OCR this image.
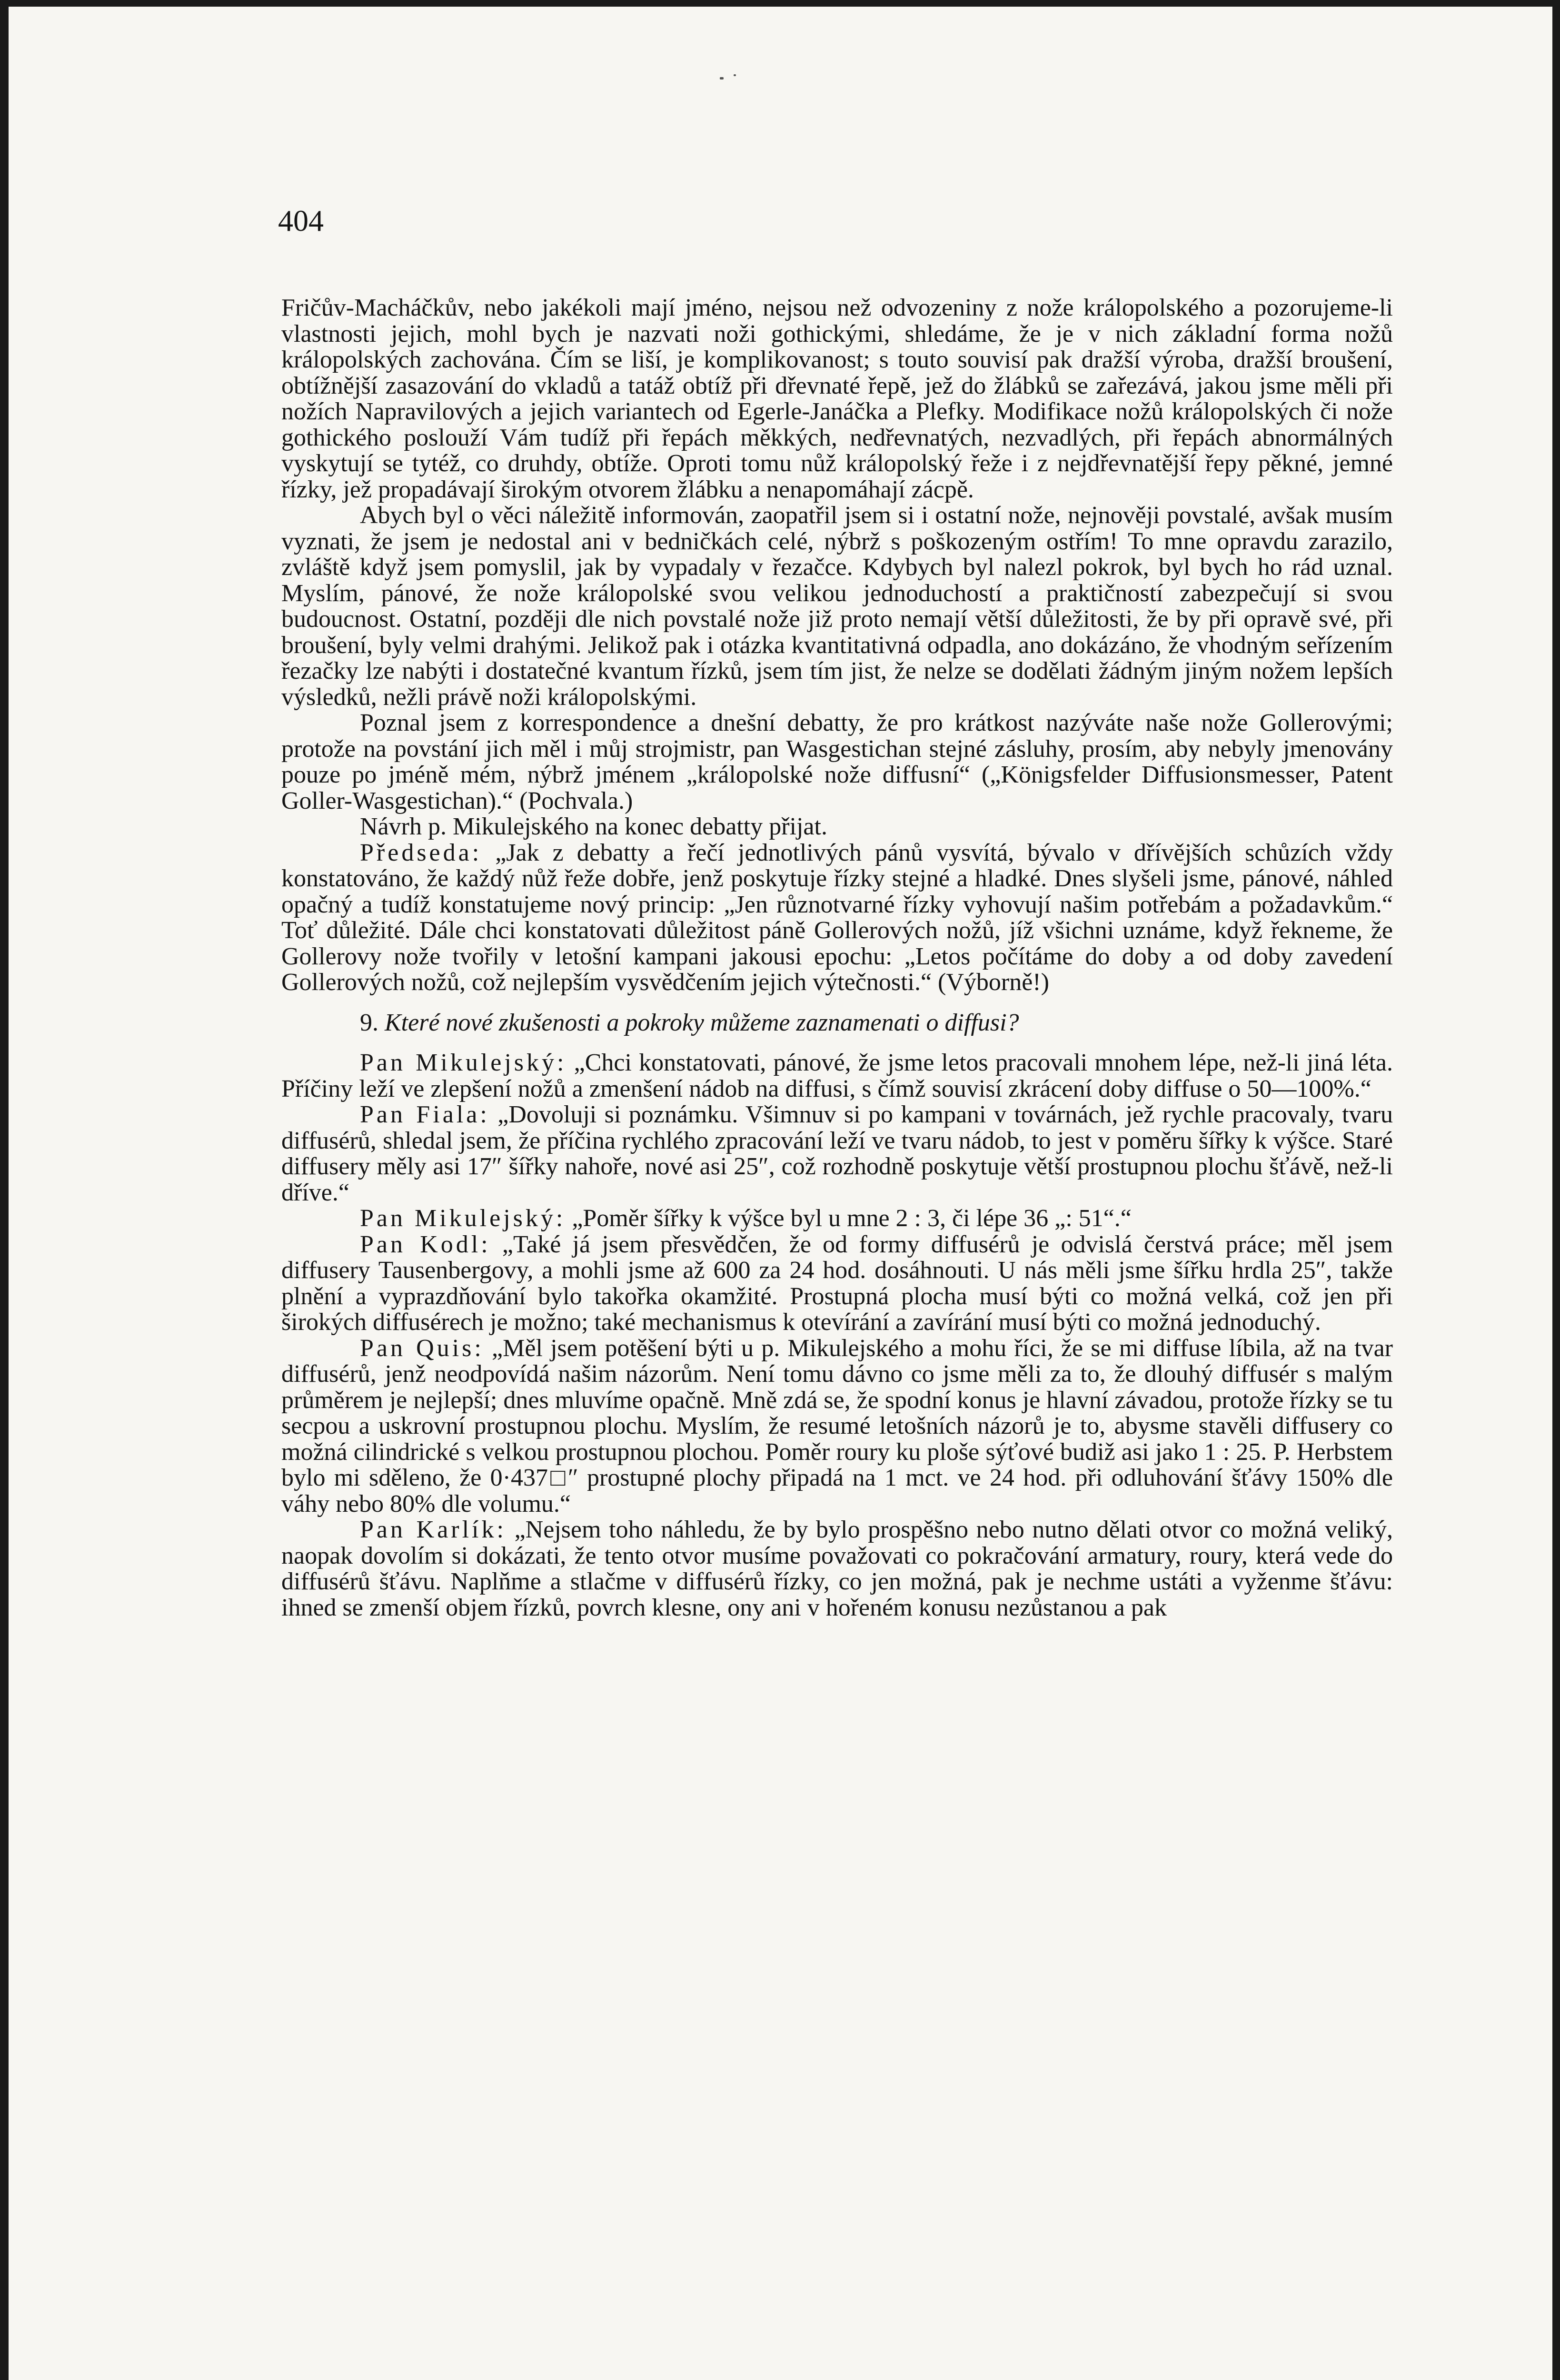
404

Fričův-Macháčkův, nebo jakékoli mají jméno, nejsou než odvozeniny z nože králopolského a pozorujeme-li vlastnosti jejich, mohl bych je nazvati noži gothickými, shledáme, že je v nich základní forma nožů králopolských zachována. Čím se liší, je komplikovanost; s touto souvisí pak dražší výroba, dražší broušení, obtížnější zasazování do vkladů a tatáž obtíž při dřevnaté řepě, jež do žlábků se zařezává, jakou jsme měli při nožích Napravilových a jejich variantech od Egerle-Janáčka a Plefky. Modifikace nožů králopolských či nože gothického poslouží Vám tudíž při řepách měkkých, nedřevnatých, nezvadlých, při řepách abnormálných vyskytují se tytéž, co druhdy, obtíže. Oproti tomu nůž králopolský řeže i z nejdřevnatější řepy pěkné, jemné řízky, jež propadávají širokým otvorem žlábku a nenapomáhají zácpě.

Abych byl o věci náležitě informován, zaopatřil jsem si i ostatní nože, nejnověji povstalé, avšak musím vyznati, že jsem je nedostal ani v bedničkách celé, nýbrž s poškozeným ostřím! To mne opravdu zarazilo, zvláště když jsem pomyslil, jak by vypadaly v řezačce. Kdybych byl nalezl pokrok, byl bych ho rád uznal. Myslím, pánové, že nože králopolské svou velikou jednoduchostí a praktičností zabezpečují si svou budoucnost. Ostatní, později dle nich povstalé nože již proto nemají větší důležitosti, že by při opravě své, při broušení, byly velmi drahými. Jelikož pak i otázka kvantitativná odpadla, ano dokázáno, že vhodným seřízením řezačky lze nabýti i dostatečné kvantum řízků, jsem tím jist, že nelze se dodělati žádným jiným nožem lepších výsledků, nežli právě noži králopolskými.

Poznal jsem z korrespondence a dnešní debatty, že pro krátkost nazýváte naše nože Gollerovými; protože na povstání jich měl i můj strojmistr, pan Wasgestichan stejné zásluhy, prosím, aby nebyly jmenovány pouze po jméně mém, nýbrž jménem „králopolské nože diffusní“ („Königsfelder Diffusionsmesser, Patent Goller-Wasgestichan).“ (Pochvala.)

Návrh p. Mikulejského na konec debatty přijat.

Předseda: „Jak z debatty a řečí jednotlivých pánů vysvítá, bývalo v dřívějších schůzích vždy konstatováno, že každý nůž řeže dobře, jenž poskytuje řízky stejné a hladké. Dnes slyšeli jsme, pánové, náhled opačný a tudíž konstatujeme nový princip: „Jen různotvarné řízky vyhovují našim potřebám a požadavkům.“ Toť důležité. Dále chci konstatovati důležitost páně Gollerových nožů, jíž všichni uznáme, když řekneme, že Gollerovy nože tvořily v letošní kampani jakousi epochu: „Letos počítáme do doby a od doby zavedení Gollerových nožů, což nejlepším vysvědčením jejich výtečnosti.“ (Výborně!)

9. Které nové zkušenosti a pokroky můžeme zaznamenati o diffusi?

Pan Mikulejský: „Chci konstatovati, pánové, že jsme letos pracovali mnohem lépe, než-li jiná léta. Příčiny leží ve zlepšení nožů a zmenšení nádob na diffusi, s čímž souvisí zkrácení doby diffuse o 50—100%.“

Pan Fiala: „Dovoluji si poznámku. Všimnuv si po kampani v továrnách, jež rychle pracovaly, tvaru diffusérů, shledal jsem, že příčina rychlého zpracování leží ve tvaru nádob, to jest v poměru šířky k výšce. Staré diffusery měly asi 17″ šířky nahoře, nové asi 25″, což rozhodně poskytuje větší prostupnou plochu šťávě, než-li dříve.“

Pan Mikulejský: „Poměr šířky k výšce byl u mne 2 : 3, či lépe 36 „: 51“.“

Pan Kodl: „Také já jsem přesvědčen, že od formy diffusérů je odvislá čerstvá práce; měl jsem diffusery Tausenbergovy, a mohli jsme až 600 za 24 hod. dosáhnouti. U nás měli jsme šířku hrdla 25″, takže plnění a vyprazdňování bylo takořka okamžité. Prostupná plocha musí býti co možná velká, což jen při širokých diffusérech je možno; také mechanismus k otevírání a zavírání musí býti co možná jednoduchý.

Pan Quis: „Měl jsem potěšení býti u p. Mikulejského a mohu říci, že se mi diffuse líbila, až na tvar diffusérů, jenž neodpovídá našim názorům. Není tomu dávno co jsme měli za to, že dlouhý diffusér s malým průměrem je nejlepší; dnes mluvíme opačně. Mně zdá se, že spodní konus je hlavní závadou, protože řízky se tu secpou a uskrovní prostupnou plochu. Myslím, že resumé letošních názorů je to, abysme stavěli diffusery co možná cilindrické s velkou prostupnou plochou. Poměr roury ku ploše sýťové budiž asi jako 1 : 25. P. Herbstem bylo mi sděleno, že 0·437□″ prostupné plochy připadá na 1 mct. ve 24 hod. při odluhování šťávy 150% dle váhy nebo 80% dle volumu.“

Pan Karlík: „Nejsem toho náhledu, že by bylo prospěšno nebo nutno dělati otvor co možná veliký, naopak dovolím si dokázati, že tento otvor musíme považovati co pokračování armatury, roury, která vede do diffusérů šťávu. Naplňme a stlačme v diffusérů řízky, co jen možná, pak je nechme ustáti a vyženme šťávu: ihned se zmenší objem řízků, povrch klesne, ony ani v hořeném konusu nezůstanou a pak
